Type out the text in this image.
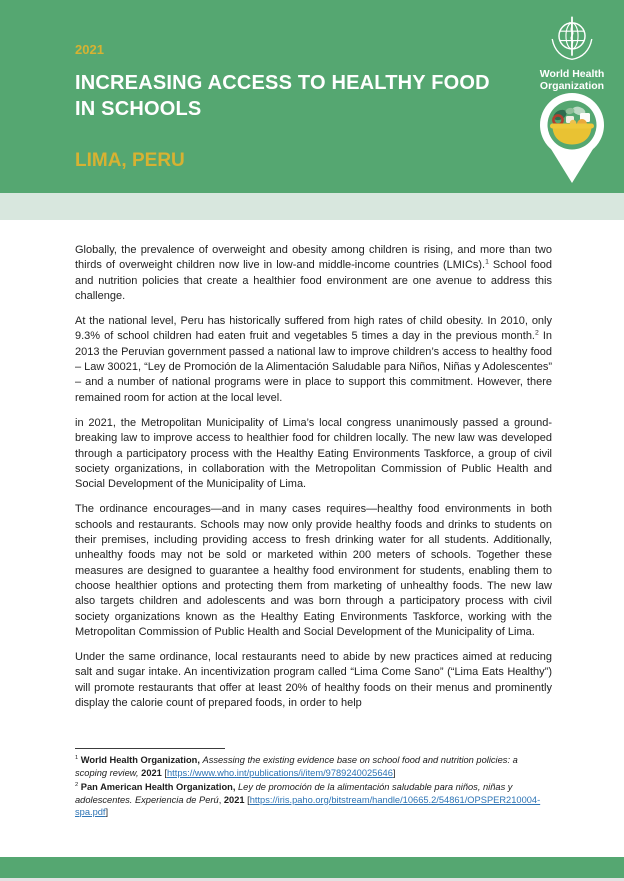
2021
INCREASING ACCESS TO HEALTHY FOOD
IN SCHOOLS
LIMA, PERU
World Health
Organization

Globally, the prevalence of overweight and obesity among children is rising, and more than two thirds of overweight children now live in low-and middle-income countries (LMICs).$^1$ School food and nutrition policies that create a healthier food environment are one avenue to address this challenge.

At the national level, Peru has historically suffered from high rates of child obesity. In 2010, only 9.3% of school children had eaten fruit and vegetables 5 times a day in the previous month.$^2$ In 2013 the Peruvian government passed a national law to improve children’s access to healthy food – Law 30021, “Ley de Promoción de la Alimentación Saludable para Niños, Niñas y Adolescentes” – and a number of national programs were in place to support this commitment. However, there remained room for action at the local level.

in 2021, the Metropolitan Municipality of Lima’s local congress unanimously passed a ground-breaking law to improve access to healthier food for children locally. The new law was developed through a participatory process with the Healthy Eating Environments Taskforce, a group of civil society organizations, in collaboration with the Metropolitan Commission of Public Health and Social Development of the Municipality of Lima.

The ordinance encourages—and in many cases requires—healthy food environments in both schools and restaurants. Schools may now only provide healthy foods and drinks to students on their premises, including providing access to fresh drinking water for all students. Additionally, unhealthy foods may not be sold or marketed within 200 meters of schools. Together these measures are designed to guarantee a healthy food environment for students, enabling them to choose healthier options and protecting them from marketing of unhealthy foods. The new law also targets children and adolescents and was born through a participatory process with civil society organizations known as the Healthy Eating Environments Taskforce, working with the Metropolitan Commission of Public Health and Social Development of the Municipality of Lima.

Under the same ordinance, local restaurants need to abide by new practices aimed at reducing salt and sugar intake. An incentivization program called “Lima Come Sano” (“Lima Eats Healthy”) will promote restaurants that offer at least 20% of healthy foods on their menus and prominently display the calorie count of prepared foods, in order to help

$^1$ World Health Organization, Assessing the existing evidence base on school food and nutrition policies: a scoping review, 2021 [https://www.who.int/publications/i/item/9789240025646]
$^2$ Pan American Health Organization, Ley de promoción de la alimentación saludable para niños, niñas y adolescentes. Experiencia de Perú, 2021 [https://iris.paho.org/bitstream/handle/10665.2/54861/OPSPER210004-spa.pdf]
